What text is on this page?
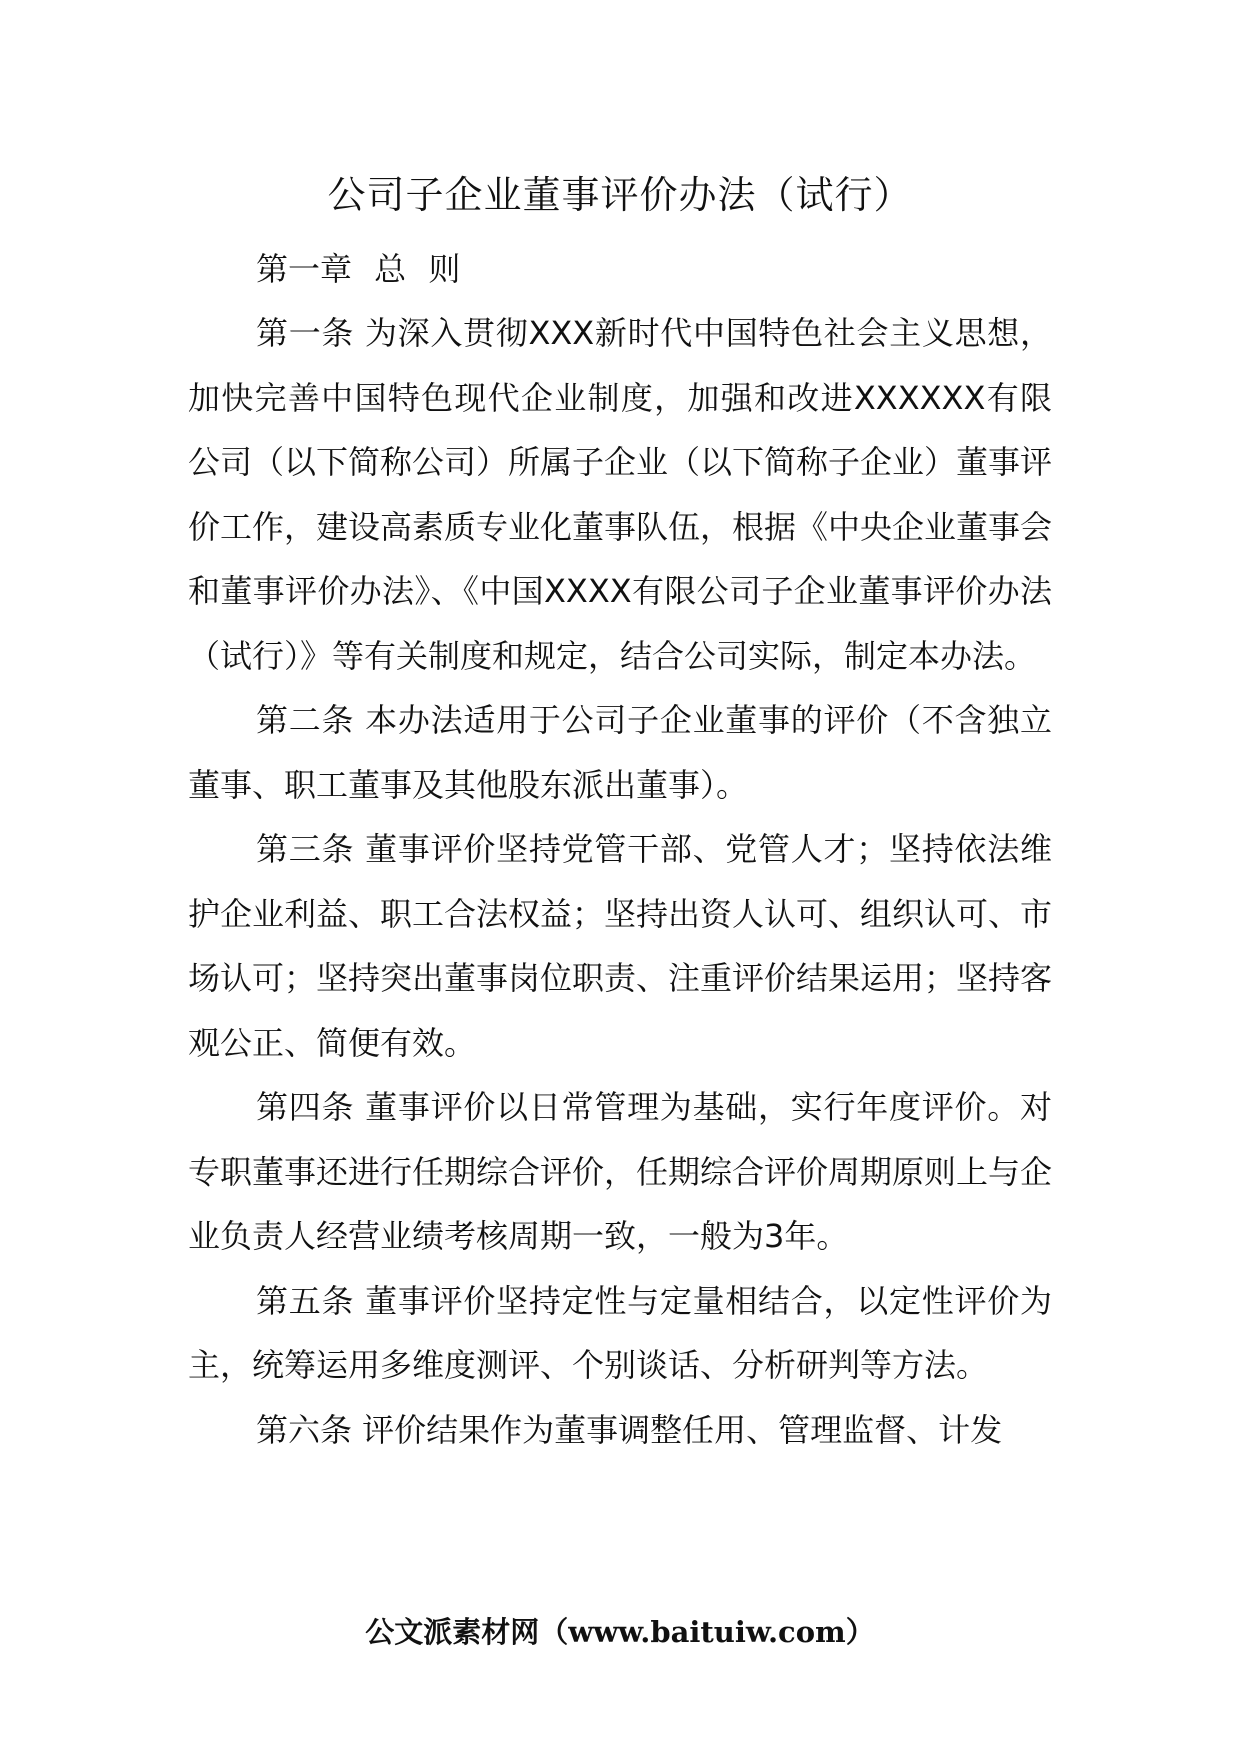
公司子企业董事评价办法（试行）

第一章 总 则

第一条 为深入贯彻XXX新时代中国特色社会主义思想，加快完善中国特色现代企业制度，加强和改进XXXXXX有限公司（以下简称公司）所属子企业（以下简称子企业）董事评价工作，建设高素质专业化董事队伍，根据《中央企业董事会和董事评价办法》、《中国XXXX有限公司子企业董事评价办法（试行）》等有关制度和规定，结合公司实际，制定本办法。

第二条 本办法适用于公司子企业董事的评价（不含独立董事、职工董事及其他股东派出董事）。

第三条 董事评价坚持党管干部、党管人才；坚持依法维护企业利益、职工合法权益；坚持出资人认可、组织认可、市场认可；坚持突出董事岗位职责、注重评价结果运用；坚持客观公正、简便有效。

第四条 董事评价以日常管理为基础，实行年度评价。对专职董事还进行任期综合评价，任期综合评价周期原则上与企业负责人经营业绩考核周期一致，一般为3年。

第五条 董事评价坚持定性与定量相结合，以定性评价为主，统筹运用多维度测评、个别谈话、分析研判等方法。

第六条 评价结果作为董事调整任用、管理监督、计发

公文派素材网（www.baituiw.com）
